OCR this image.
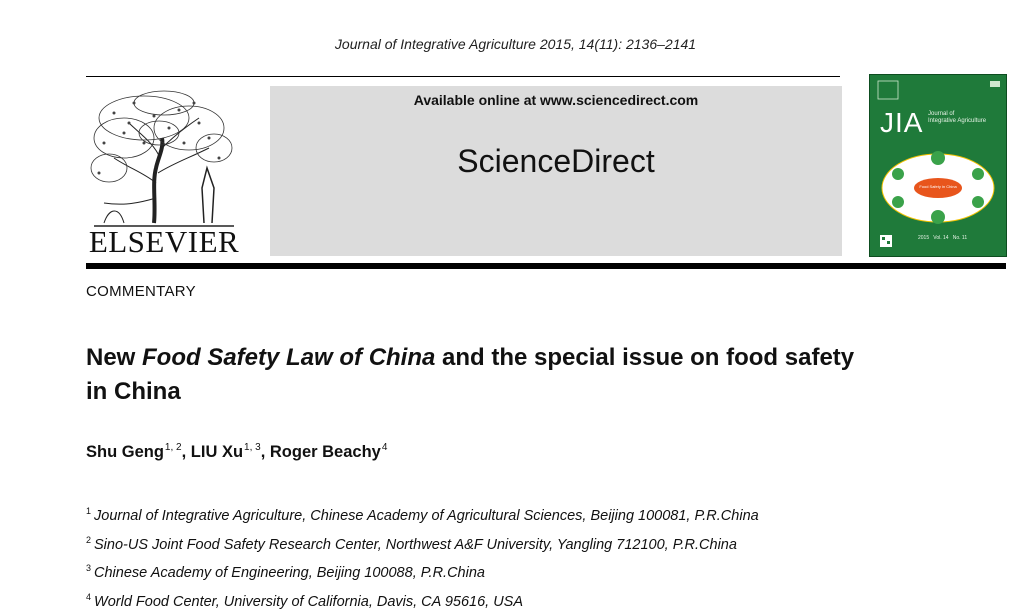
Journal of Integrative Agriculture 2015, 14(11): 2136–2141
ELSEVIER
Available online at www.sciencedirect.com
ScienceDirect
JIA Journal of
Integrative Agriculture
Food Safety in China
2015   Vol. 14   No. 11
COMMENTARY
New Food Safety Law of China and the special issue on food safety
in China
Shu Geng$^{1, 2}$, LIU Xu$^{1, 3}$, Roger Beachy$^4$
$^1$ Journal of Integrative Agriculture, Chinese Academy of Agricultural Sciences, Beijing 100081, P.R.China
$^2$ Sino-US Joint Food Safety Research Center, Northwest A&F University, Yangling 712100, P.R.China
$^3$ Chinese Academy of Engineering, Beijing 100088, P.R.China
$^4$ World Food Center, University of California, Davis, CA 95616, USA
